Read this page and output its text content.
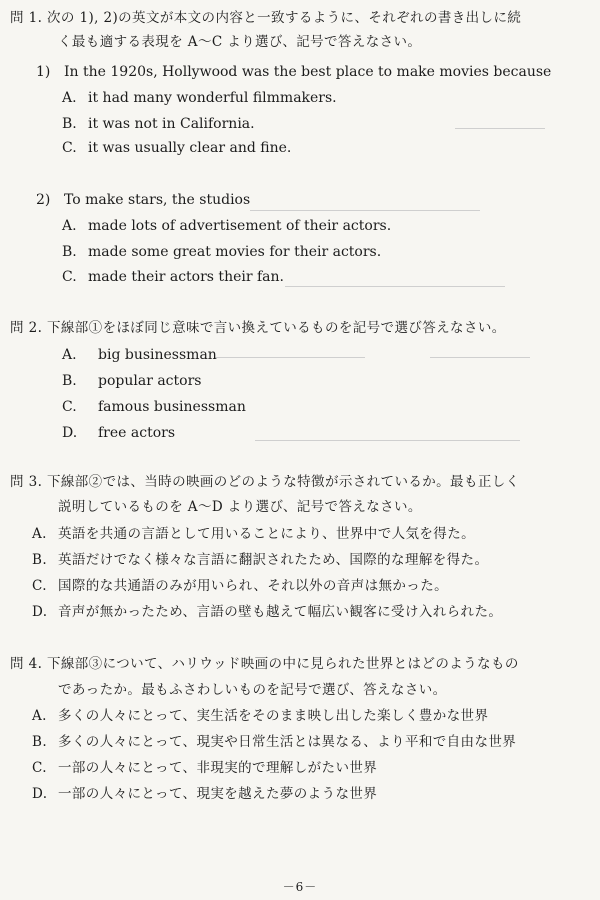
問 1. 次の 1), 2)の英文が本文の内容と一致するように、それぞれの書き出しに続
く最も適する表現を A～C より選び、記号で答えなさい。
1) In the 1920s, Hollywood was the best place to make movies because
A. it had many wonderful filmmakers.
B. it was not in California.
C. it was usually clear and fine.
2) To make stars, the studios
A. made lots of advertisement of their actors.
B. made some great movies for their actors.
C. made their actors their fan.
問 2. 下線部①をほぼ同じ意味で言い換えているものを記号で選び答えなさい。
A. big businessman
B. popular actors
C. famous businessman
D. free actors
問 3. 下線部②では、当時の映画のどのような特徴が示されているか。最も正しく
説明しているものを A～D より選び、記号で答えなさい。
A. 英語を共通の言語として用いることにより、世界中で人気を得た。
B. 英語だけでなく様々な言語に翻訳されたため、国際的な理解を得た。
C. 国際的な共通語のみが用いられ、それ以外の音声は無かった。
D. 音声が無かったため、言語の壁も越えて幅広い観客に受け入れられた。
問 4. 下線部③について、ハリウッド映画の中に見られた世界とはどのようなもの
であったか。最もふさわしいものを記号で選び、答えなさい。
A. 多くの人々にとって、実生活をそのまま映し出した楽しく豊かな世界
B. 多くの人々にとって、現実や日常生活とは異なる、より平和で自由な世界
C. 一部の人々にとって、非現実的で理解しがたい世界
D. 一部の人々にとって、現実を越えた夢のような世界
－6－
